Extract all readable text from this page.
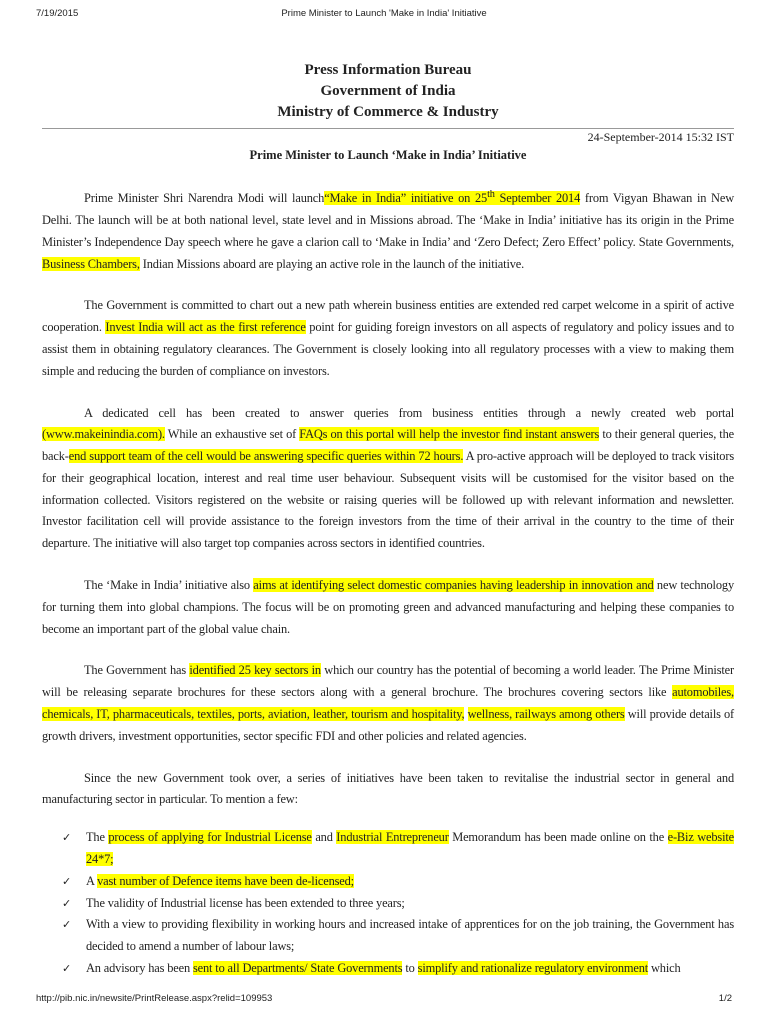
7/19/2015	Prime Minister to Launch 'Make in India' Initiative
Press Information Bureau
Government of India
Ministry of Commerce & Industry
24-September-2014 15:32 IST
Prime Minister to Launch ‘Make in India’ Initiative

Prime Minister Shri Narendra Modi will launch“Make in India” initiative on 25th September 2014 from Vigyan Bhawan in New Delhi. The launch will be at both national level, state level and in Missions abroad. The ‘Make in India’ initiative has its origin in the Prime Minister’s Independence Day speech where he gave a clarion call to ‘Make in India’ and ‘Zero Defect; Zero Effect’ policy. State Governments, Business Chambers, Indian Missions aboard are playing an active role in the launch of the initiative.

The Government is committed to chart out a new path wherein business entities are extended red carpet welcome in a spirit of active cooperation. Invest India will act as the first reference point for guiding foreign investors on all aspects of regulatory and policy issues and to assist them in obtaining regulatory clearances. The Government is closely looking into all regulatory processes with a view to making them simple and reducing the burden of compliance on investors.

A dedicated cell has been created to answer queries from business entities through a newly created web portal (www.makeinindia.com). While an exhaustive set of FAQs on this portal will help the investor find instant answers to their general queries, the back-end support team of the cell would be answering specific queries within 72 hours. A pro-active approach will be deployed to track visitors for their geographical location, interest and real time user behaviour. Subsequent visits will be customised for the visitor based on the information collected. Visitors registered on the website or raising queries will be followed up with relevant information and newsletter. Investor facilitation cell will provide assistance to the foreign investors from the time of their arrival in the country to the time of their departure. The initiative will also target top companies across sectors in identified countries.

The ‘Make in India’ initiative also aims at identifying select domestic companies having leadership in innovation and new technology for turning them into global champions. The focus will be on promoting green and advanced manufacturing and helping these companies to become an important part of the global value chain.

The Government has identified 25 key sectors in which our country has the potential of becoming a world leader. The Prime Minister will be releasing separate brochures for these sectors along with a general brochure. The brochures covering sectors like automobiles, chemicals, IT, pharmaceuticals, textiles, ports, aviation, leather, tourism and hospitality, wellness, railways among others will provide details of growth drivers, investment opportunities, sector specific FDI and other policies and related agencies.

Since the new Government took over, a series of initiatives have been taken to revitalise the industrial sector in general and manufacturing sector in particular. To mention a few:

✓ The process of applying for Industrial License and Industrial Entrepreneur Memorandum has been made online on the e-Biz website 24*7;
✓ A vast number of Defence items have been de-licensed;
✓ The validity of Industrial license has been extended to three years;
✓ With a view to providing flexibility in working hours and increased intake of apprentices for on the job training, the Government has decided to amend a number of labour laws;
✓ An advisory has been sent to all Departments/ State Governments to simplify and rationalize regulatory environment which
http://pib.nic.in/newsite/PrintRelease.aspx?relid=109953	1/2
